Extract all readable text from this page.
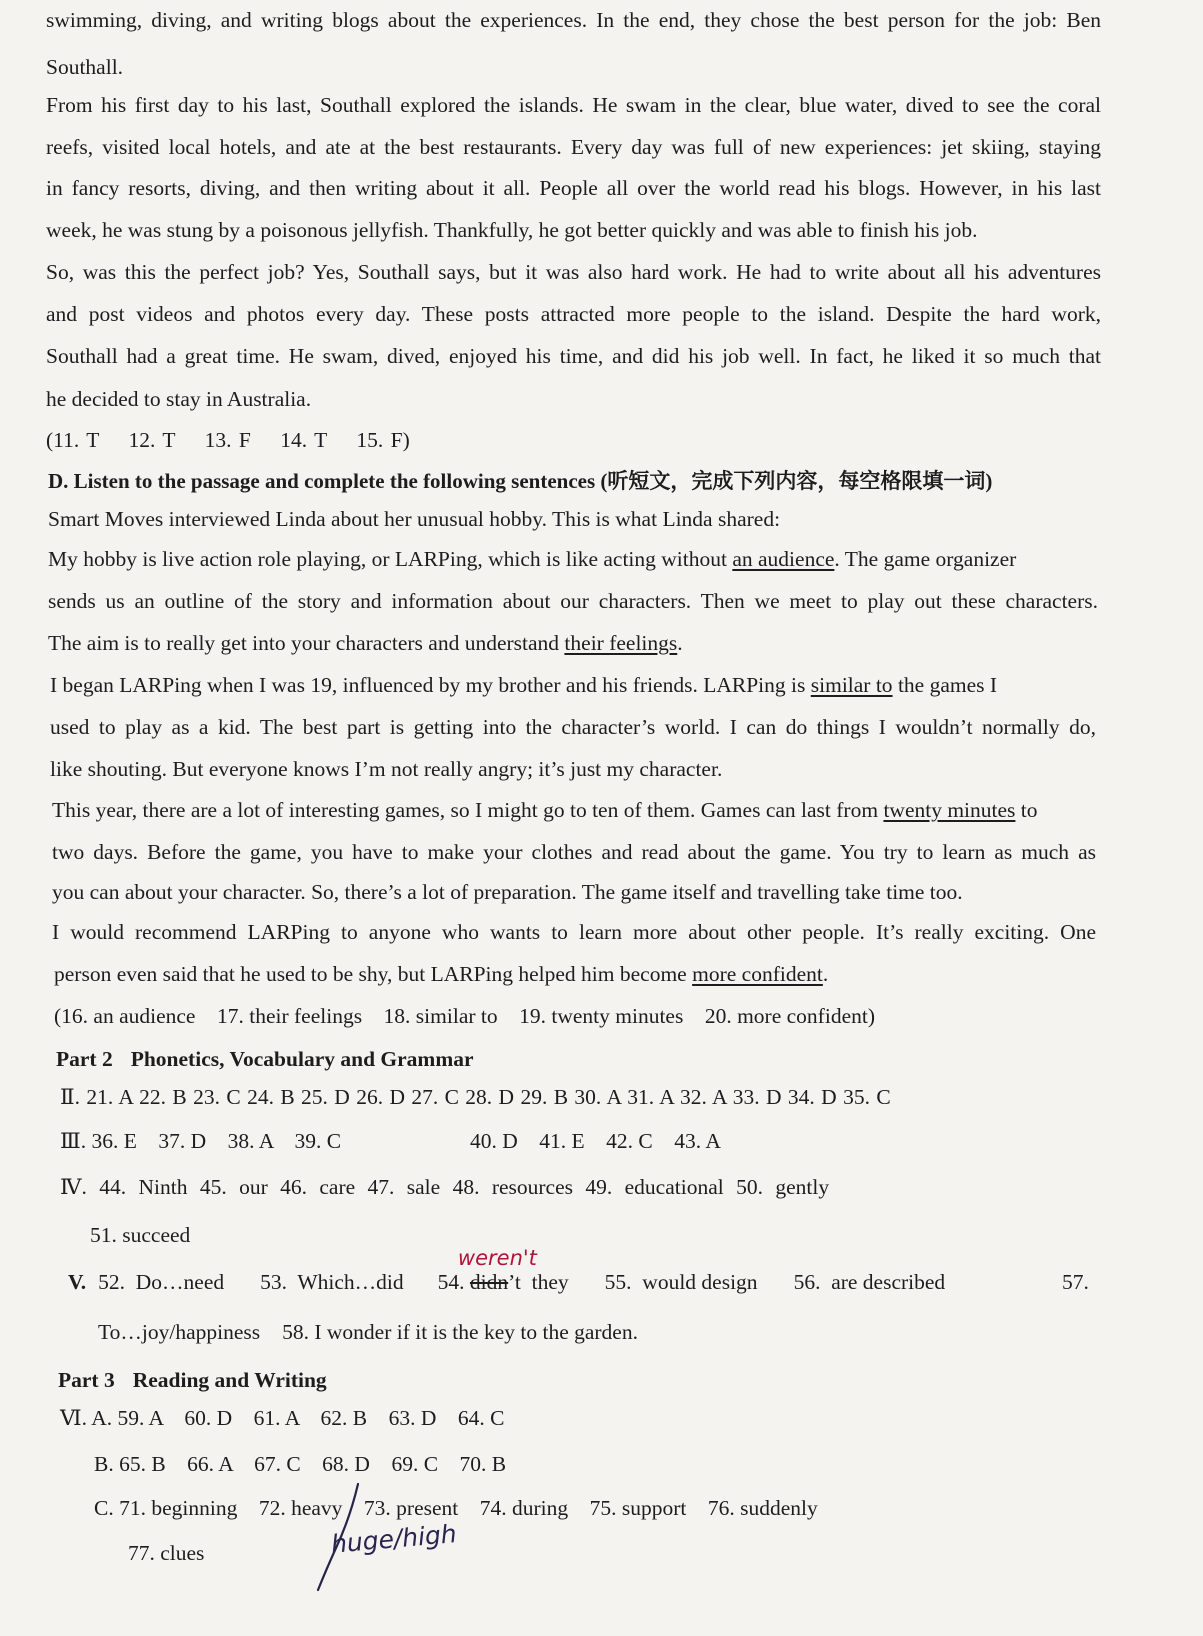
swimming, diving, and writing blogs about the experiences. In the end, they chose the best person for the job: Ben
Southall.
From his first day to his last, Southall explored the islands. He swam in the clear, blue water, dived to see the coral
reefs, visited local hotels, and ate at the best restaurants. Every day was full of new experiences: jet skiing, staying
in fancy resorts, diving, and then writing about it all. People all over the world read his blogs. However, in his last
week, he was stung by a poisonous jellyfish. Thankfully, he got better quickly and was able to finish his job.
So, was this the perfect job? Yes, Southall says, but it was also hard work. He had to write about all his adventures
and post videos and photos every day. These posts attracted more people to the island. Despite the hard work,
Southall had a great time. He swam, dived, enjoyed his time, and did his job well. In fact, he liked it so much that
he decided to stay in Australia.
(11. T    12. T    13. F    14. T    15. F)
D. Listen to the passage and complete the following sentences (听短文，完成下列内容，每空格限填一词)
Smart Moves interviewed Linda about her unusual hobby. This is what Linda shared:
My hobby is live action role playing, or LARPing, which is like acting without an audience. The game organizer
sends us an outline of the story and information about our characters. Then we meet to play out these characters.
The aim is to really get into your characters and understand their feelings.
I began LARPing when I was 19, influenced by my brother and his friends. LARPing is similar to the games I
used to play as a kid. The best part is getting into the character’s world. I can do things I wouldn’t normally do,
like shouting. But everyone knows I’m not really angry; it’s just my character.
This year, there are a lot of interesting games, so I might go to ten of them. Games can last from twenty minutes to
two days. Before the game, you have to make your clothes and read about the game. You try to learn as much as
you can about your character. So, there’s a lot of preparation. The game itself and travelling take time too.
I would recommend LARPing to anyone who wants to learn more about other people. It’s really exciting. One
person even said that he used to be shy, but LARPing helped him become more confident.
(16. an audience    17. their feelings    18. similar to    19. twenty minutes    20. more confident)
Part 2 Phonetics, Vocabulary and Grammar
Ⅱ. 21. A 22. B 23. C 24. B 25. D 26. D 27. C 28. D 29. B 30. A 31. A 32. A 33. D 34. D 35. C
Ⅲ. 36. E    37. D    38. A    39. C	40. D    41. E    42. C    43. A
Ⅳ. 44. Ninth 45. our 46. care 47. sale 48. resources 49. educational 50. gently
51. succeed
V. 52.  Do…need 53.  Which…did 54. didn
weren't
’t  they 55.  would design 56.  are described	57.
To…joy/happiness 58. I wonder if it is the key to the garden.
Part 3 Reading and Writing
Ⅵ. A. 59. A    60. D    61. A    62. B    63. D    64. C
B. 65. B    66. A    67. C    68. D    69. C    70. B
C. 71. beginning    72. heavy    73. present    74. during    75. support    76. suddenly
77. clues	huge/high
